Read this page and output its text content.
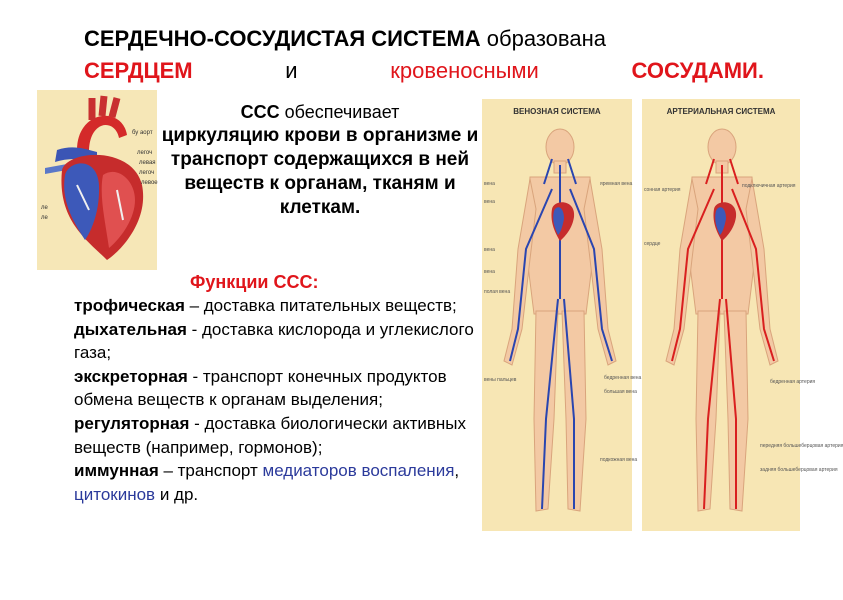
СЕРДЕЧНО-СОСУДИСТАЯ СИСТЕМА образована
СЕРДЦЕМ	и	кровеносными	СОСУДАМИ.
бу аорт
легоч
левая
легоч
левое
ле
ле
ССС обеспечивает
циркуляцию крови в организме и транспорт содержащихся в ней веществ к органам, тканям и клеткам.
Функции ССС:
трофическая – доставка питательных веществ;
дыхательная - доставка кислорода и углекислого газа;
экскреторная - транспорт конечных продуктов обмена веществ к органам выделения;
регуляторная - доставка биологически активных веществ (например, гормонов);
иммунная – транспорт медиаторов воспаления, цитокинов и др.
ВЕНОЗНАЯ СИСТЕМА
яремная вена
вена
вена
вена
вена
полая вена
вены пальцев	бедренная вена
большая вена
подкожная вена
АРТЕРИАЛЬНАЯ СИСТЕМА
подключичная артерия
сонная артерия
сердце
бедренная артерия
передняя большеберцовая артерия
задняя большеберцовая артерия
